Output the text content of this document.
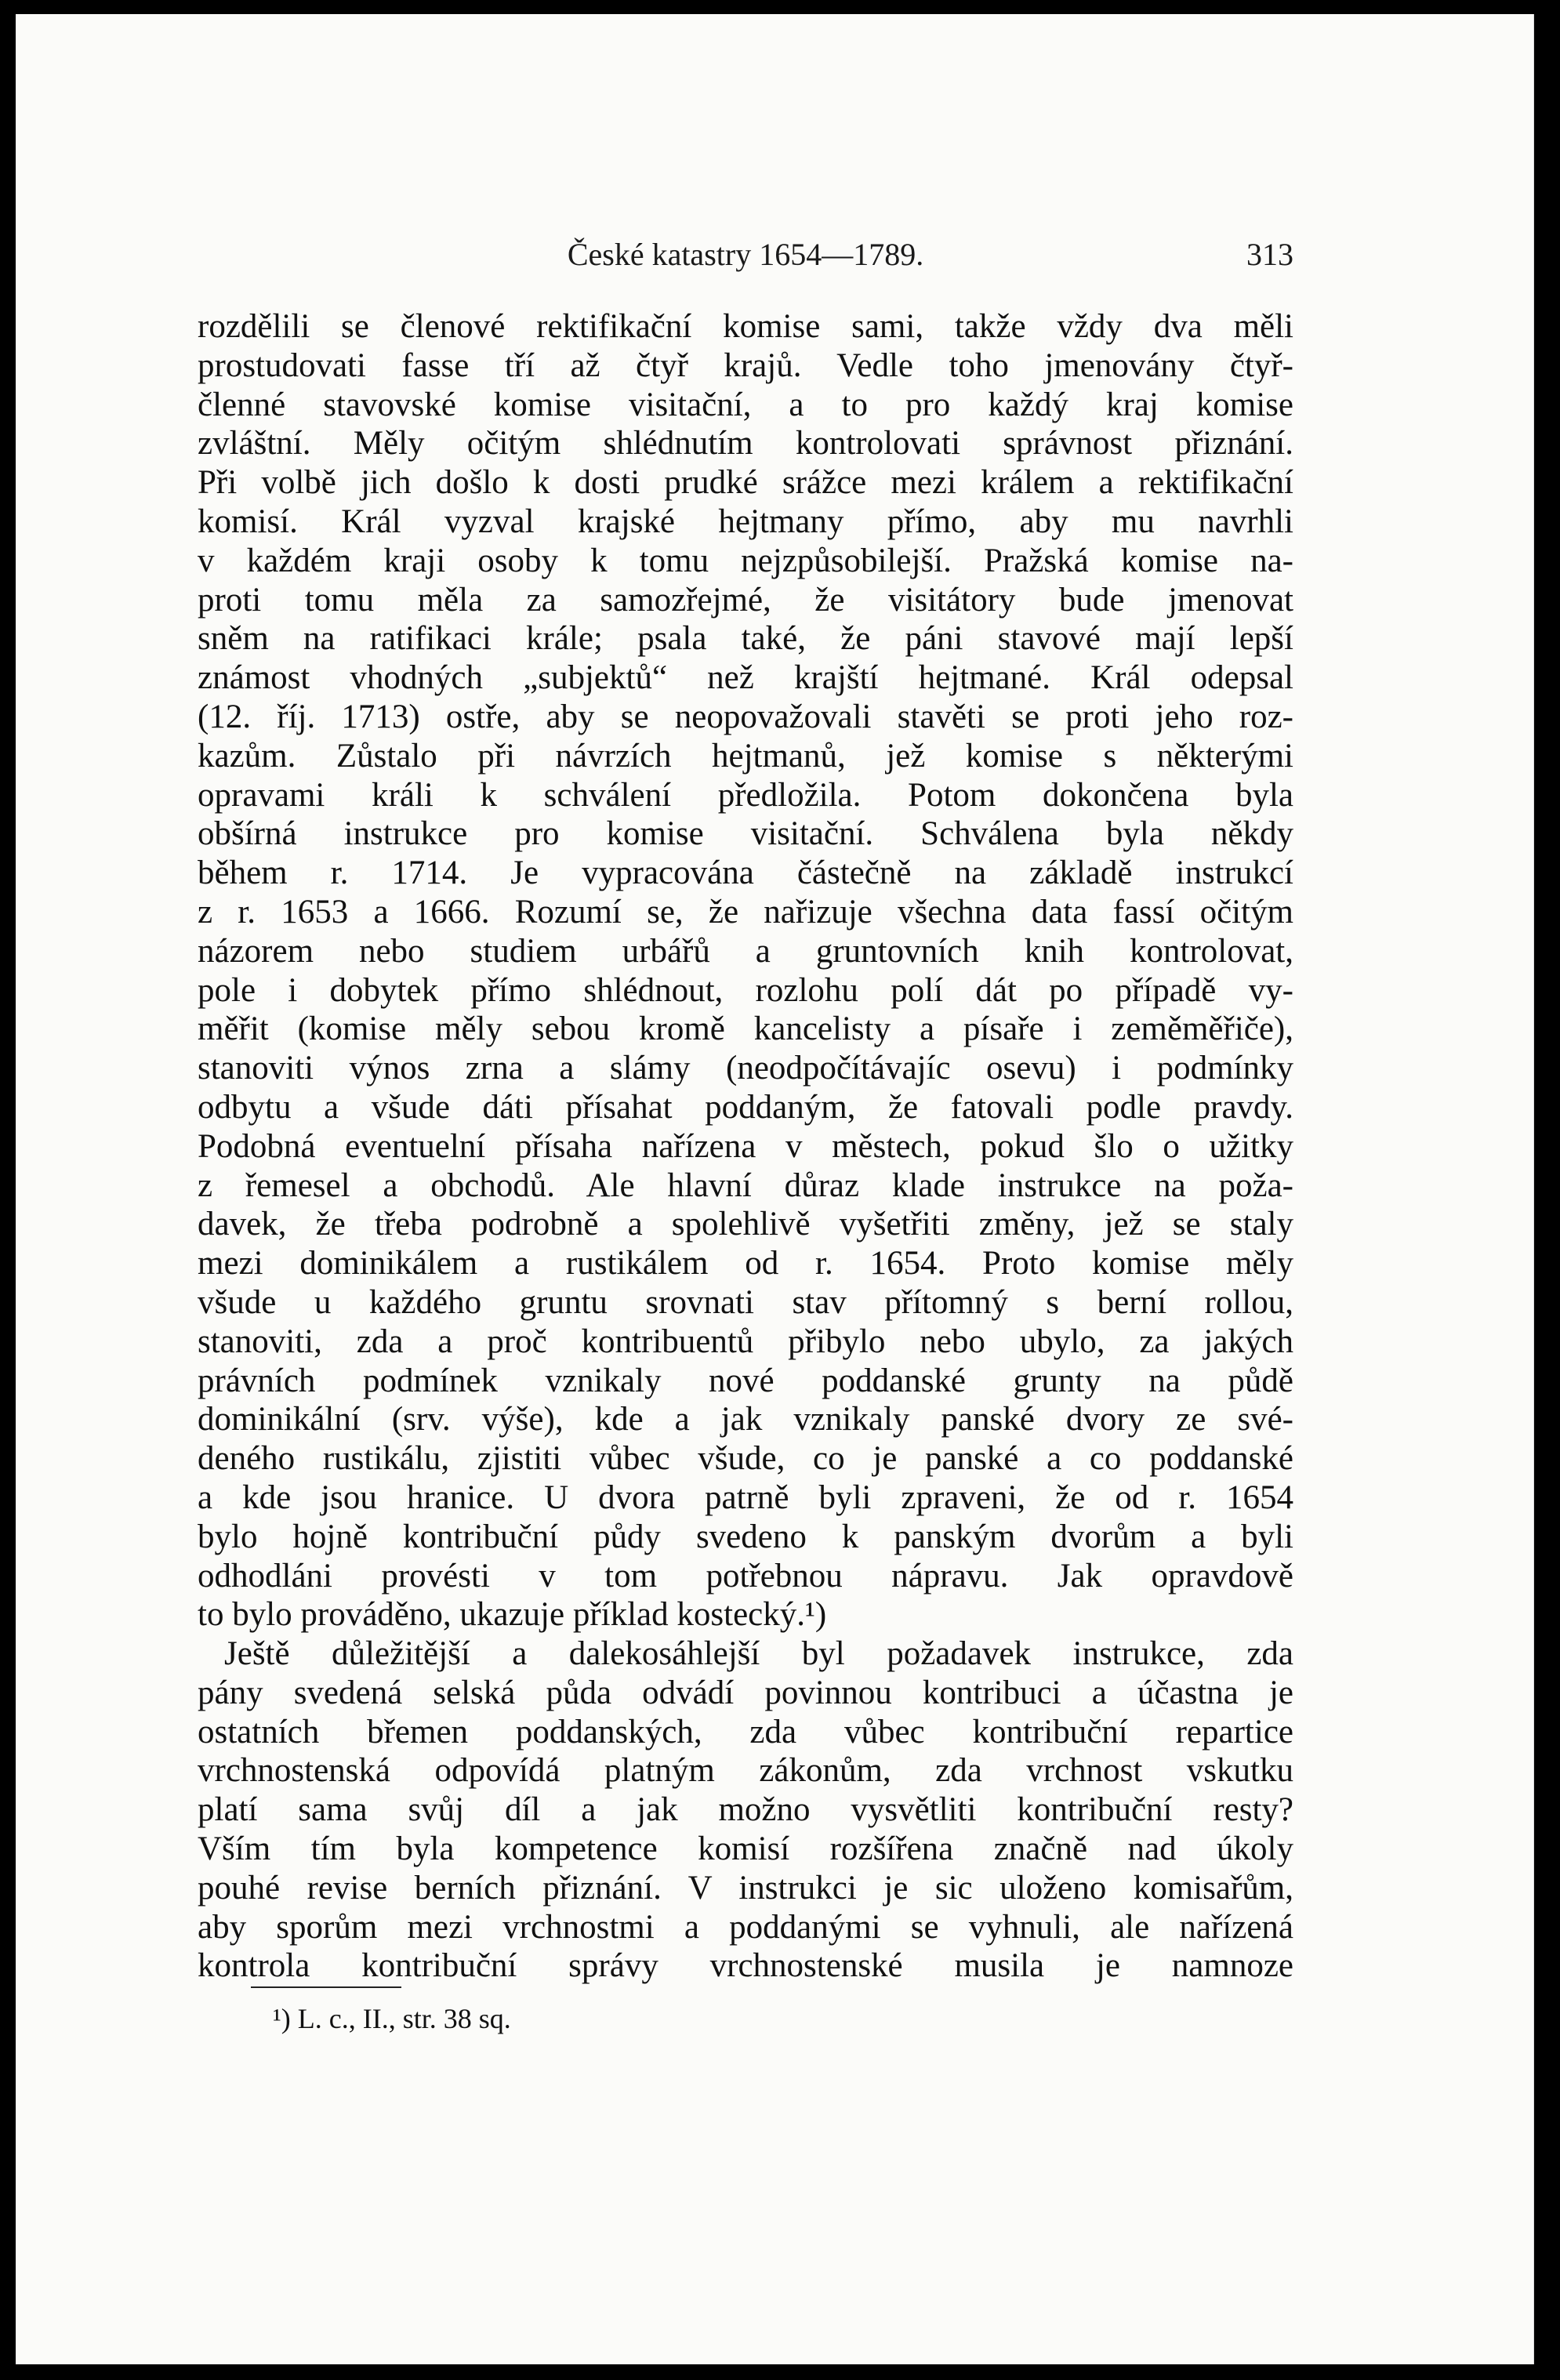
České katastry 1654—1789.	313
rozdělili se členové rektifikační komise sami, takže vždy dva měli
prostudovati fasse tří až čtyř krajů. Vedle toho jmenovány čtyř-
členné stavovské komise visitační, a to pro každý kraj komise
zvláštní. Měly očitým shlédnutím kontrolovati správnost přiznání.
Při volbě jich došlo k dosti prudké srážce mezi králem a rektifikační
komisí. Král vyzval krajské hejtmany přímo, aby mu navrhli
v každém kraji osoby k tomu nejzpůsobilejší. Pražská komise na-
proti tomu měla za samozřejmé, že visitátory bude jmenovat
sněm na ratifikaci krále; psala také, že páni stavové mají lepší
známost vhodných „subjektů“ než krajští hejtmané. Král odepsal
(12. říj. 1713) ostře, aby se neopovažovali stavěti se proti jeho roz-
kazům. Zůstalo při návrzích hejtmanů, jež komise s některými
opravami králi k schválení předložila. Potom dokončena byla
obšírná instrukce pro komise visitační. Schválena byla někdy
během r. 1714. Je vypracována částečně na základě instrukcí
z r. 1653 a 1666. Rozumí se, že nařizuje všechna data fassí očitým
názorem nebo studiem urbářů a gruntovních knih kontrolovat,
pole i dobytek přímo shlédnout, rozlohu polí dát po případě vy-
měřit (komise měly sebou kromě kancelisty a písaře i zeměměřiče),
stanoviti výnos zrna a slámy (neodpočítávajíc osevu) i podmínky
odbytu a všude dáti přísahat poddaným, že fatovali podle pravdy.
Podobná eventuelní přísaha nařízena v městech, pokud šlo o užitky
z řemesel a obchodů. Ale hlavní důraz klade instrukce na poža-
davek, že třeba podrobně a spolehlivě vyšetřiti změny, jež se staly
mezi dominikálem a rustikálem od r. 1654. Proto komise měly
všude u každého gruntu srovnati stav přítomný s berní rollou,
stanoviti, zda a proč kontribuentů přibylo nebo ubylo, za jakých
právních podmínek vznikaly nové poddanské grunty na půdě
dominikální (srv. výše), kde a jak vznikaly panské dvory ze své-
deného rustikálu, zjistiti vůbec všude, co je panské a co poddanské
a kde jsou hranice. U dvora patrně byli zpraveni, že od r. 1654
bylo hojně kontribuční půdy svedeno k panským dvorům a byli
odhodláni provésti v tom potřebnou nápravu. Jak opravdově
to bylo prováděno, ukazuje příklad kostecký.¹)
Ještě důležitější a dalekosáhlejší byl požadavek instrukce, zda
pány svedená selská půda odvádí povinnou kontribuci a účastna je
ostatních břemen poddanských, zda vůbec kontribuční repartice
vrchnostenská odpovídá platným zákonům, zda vrchnost vskutku
platí sama svůj díl a jak možno vysvětliti kontribuční resty?
Vším tím byla kompetence komisí rozšířena značně nad úkoly
pouhé revise berních přiznání. V instrukci je sic uloženo komisařům,
aby sporům mezi vrchnostmi a poddanými se vyhnuli, ale nařízená
kontrola kontribuční správy vrchnostenské musila je namnoze
¹) L. c., II., str. 38 sq.
